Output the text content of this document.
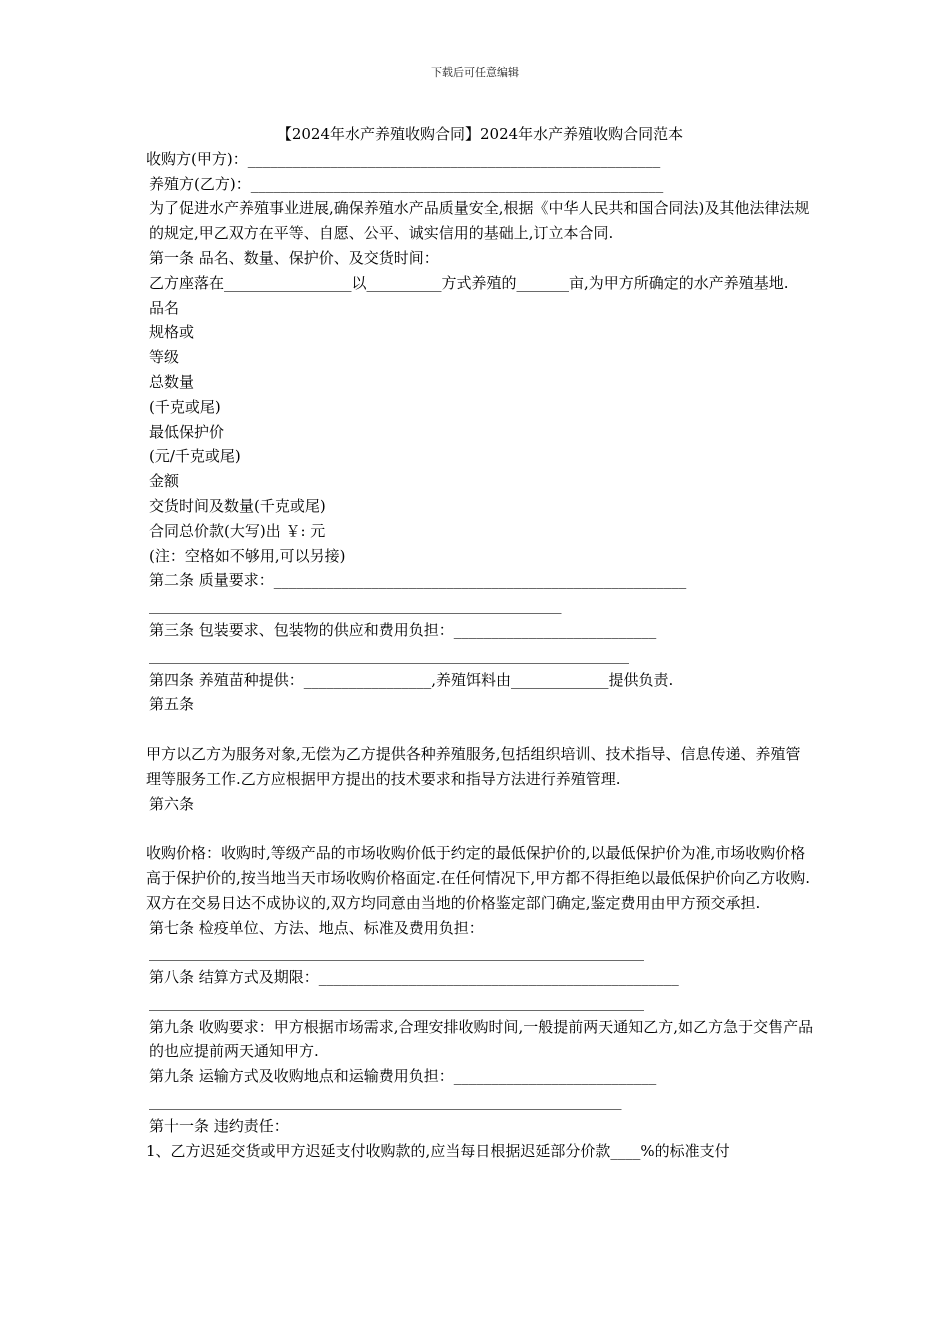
下载后可任意编辑
【2024年水产养殖收购合同】2024年水产养殖收购合同范本
收购方(甲方)：_______________________________________________________
养殖方(乙方)：_______________________________________________________
为了促进水产养殖事业进展,确保养殖水产品质量安全,根据《中华人民共和国合同法)及其他法律法规的规定,甲乙双方在平等、自愿、公平、诚实信用的基础上,订立本合同.
第一条 品名、数量、保护价、及交货时间：
乙方座落在_________________以__________方式养殖的_______亩,为甲方所确定的水产养殖基地.
品名
规格或
等级
总数量
(千克或尾)
最低保护价
(元/千克或尾)
金额
交货时间及数量(千克或尾)
合同总价款(大写)出 ￥: 元
(注：空格如不够用,可以另接)
第二条 质量要求：_______________________________________________________
_______________________________________________________
第三条 包装要求、包装物的供应和费用负担：___________________________
________________________________________________________________
第四条 养殖苗种提供：_________________,养殖饵料由_____________提供负责.
第五条
甲方以乙方为服务对象,无偿为乙方提供各种养殖服务,包括组织培训、技术指导、信息传递、养殖管理等服务工作.乙方应根据甲方提出的技术要求和指导方法进行养殖管理.
第六条
收购价格：收购时,等级产品的市场收购价低于约定的最低保护价的,以最低保护价为准,市场收购价格高于保护价的,按当地当天市场收购价格面定.在任何情况下,甲方都不得拒绝以最低保护价向乙方收购.双方在交易日达不成协议的,双方均同意由当地的价格鉴定部门确定,鉴定费用由甲方预交承担.
第七条 检疫单位、方法、地点、标准及费用负担：
__________________________________________________________________
第八条 结算方式及期限：________________________________________________
__________________________________________________________________
第九条 收购要求：甲方根据市场需求,合理安排收购时间,一般提前两天通知乙方,如乙方急于交售产品的也应提前两天通知甲方.
第九条 运输方式及收购地点和运输费用负担：___________________________
_______________________________________________________________
第十一条 违约责任：
1、乙方迟延交货或甲方迟延支付收购款的,应当每日根据迟延部分价款____%的标准支付
